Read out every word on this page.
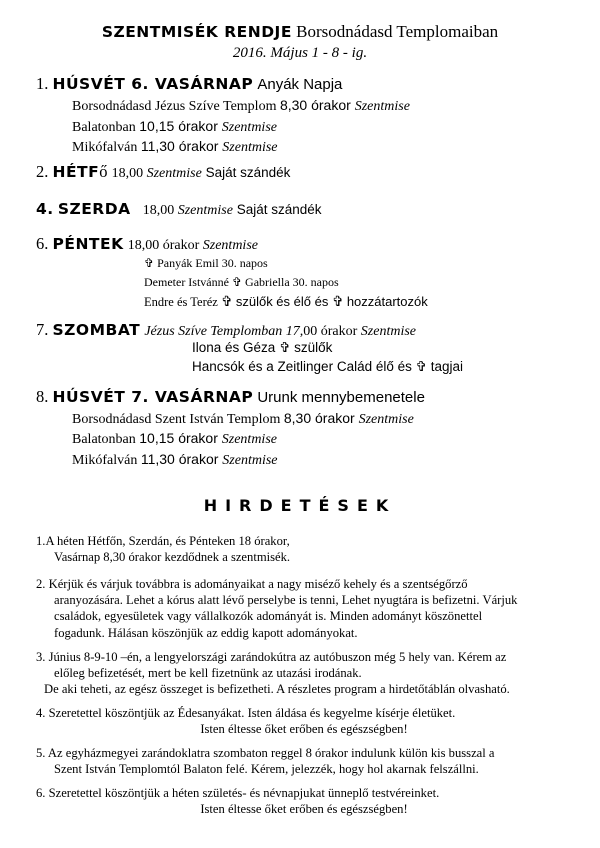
SZENTMISÉK RENDJE Borsodnádasd Templomaiban
2016. Május 1 - 8 - ig.
1. HÚSVÉT 6. VASÁRNAP Anyák Napja
Borsodnádasd Jézus Szíve Templom 8,30 órakor Szentmise
Balatonban 10,15 órakor Szentmise
Mikófalván 11,30 órakor Szentmise
2. HÉTFő 18,00 Szentmise Saját szándék
4. SZERDA 18,00 Szentmise Saját szándék
6. PÉNTEK 18,00 órakor Szentmise
✞ Panyák Emil 30. napos
Demeter Istvánné ✞ Gabriella 30. napos
Endre és Teréz ✞ szülők és élő és ✞ hozzátartozók
7. SZOMBAT Jézus Szíve Templomban 17,00 órakor Szentmise
Ilona és Géza ✞ szülők
Hancsók és a Zeitlinger Calád élő és ✞ tagjai
8. HÚSVÉT 7. VASÁRNAP Urunk mennybemenetele
Borsodnádasd Szent István Templom 8,30 órakor Szentmise
Balatonban 10,15 órakor Szentmise
Mikófalván 11,30 órakor Szentmise
HIRDETÉSEK

1.A héten Hétfőn, Szerdán, és Pénteken 18 órakor,

Vasárnap 8,30 órakor kezdődnek a szentmisék.

2. Kérjük és várjuk továbbra is adományaikat a nagy miséző kehely és a szentségőrző

aranyozására. Lehet a kórus alatt lévő perselybe is tenni, Lehet nyugtára is befizetni. Várjuk

családok, egyesületek vagy vállalkozók adományát is. Minden adományt köszönettel

fogadunk. Hálásan köszönjük az eddig kapott adományokat.

3. Június 8-9-10 –én, a lengyelországi zarándokútra az autóbuszon még 5 hely van. Kérem az

előleg befizetését, mert be kell fizetnünk az utazási irodának.

De aki teheti, az egész összeget is befizetheti. A részletes program a hirdetőtáblán olvasható.

4. Szeretettel köszöntjük az Édesanyákat. Isten áldása és kegyelme kísérje életüket.

Isten éltesse őket erőben és egészségben!

5. Az egyházmegyei zarándoklatra szombaton reggel 8 órakor indulunk külön kis busszal a

Szent István Templomtól Balaton felé. Kérem, jelezzék, hogy hol akarnak felszállni.

6. Szeretettel köszöntjük a héten születés- és névnapjukat ünneplő testvéreinket.

Isten éltesse őket erőben és egészségben!
